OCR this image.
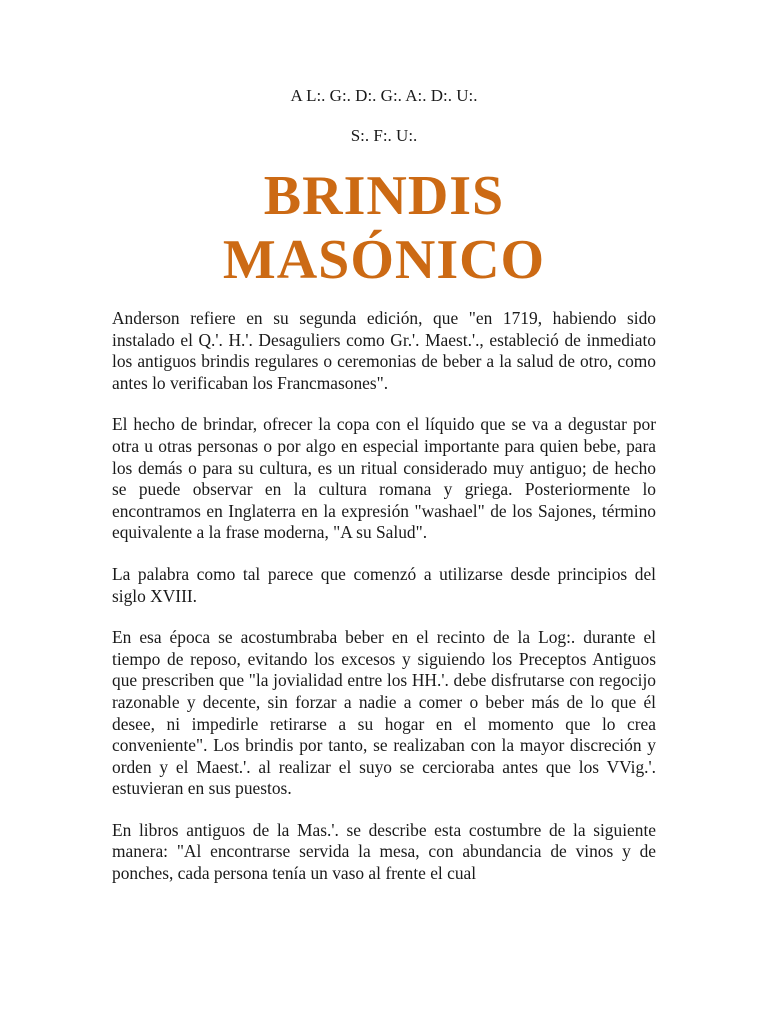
A L:. G:. D:. G:. A:. D:. U:.

S:. F:. U:.

BRINDIS
MASÓNICO

Anderson refiere en su segunda edición, que "en 1719, habiendo sido instalado el Q.'. H.'. Desaguliers como Gr.'. Maest.'., estableció de inmediato los antiguos brindis regulares o ceremonias de beber a la salud de otro, como antes lo verificaban los Francmasones".

El hecho de brindar, ofrecer la copa con el líquido que se va a degustar por otra u otras personas o por algo en especial importante para quien bebe, para los demás o para su cultura, es un ritual considerado muy antiguo; de hecho se puede observar en la cultura romana y griega. Posteriormente lo encontramos en Inglaterra en la expresión "washael" de los Sajones, término equivalente a la frase moderna, "A su Salud".

La palabra como tal parece que comenzó a utilizarse desde principios del siglo XVIII.

En esa época se acostumbraba beber en el recinto de la Log:. durante el tiempo de reposo, evitando los excesos y siguiendo los Preceptos Antiguos que prescriben que "la jovialidad entre los HH.'. debe disfrutarse con regocijo razonable y decente, sin forzar a nadie a comer o beber más de lo que él desee, ni impedirle retirarse a su hogar en el momento que lo crea conveniente". Los brindis por tanto, se realizaban con la mayor discreción y orden y el Maest.'. al realizar el suyo se cercioraba antes que los VVig.'. estuvieran en sus puestos.

En libros antiguos de la Mas.'. se describe esta costumbre de la siguiente manera: "Al encontrarse servida la mesa, con abundancia de vinos y de ponches, cada persona tenía un vaso al frente el cual
